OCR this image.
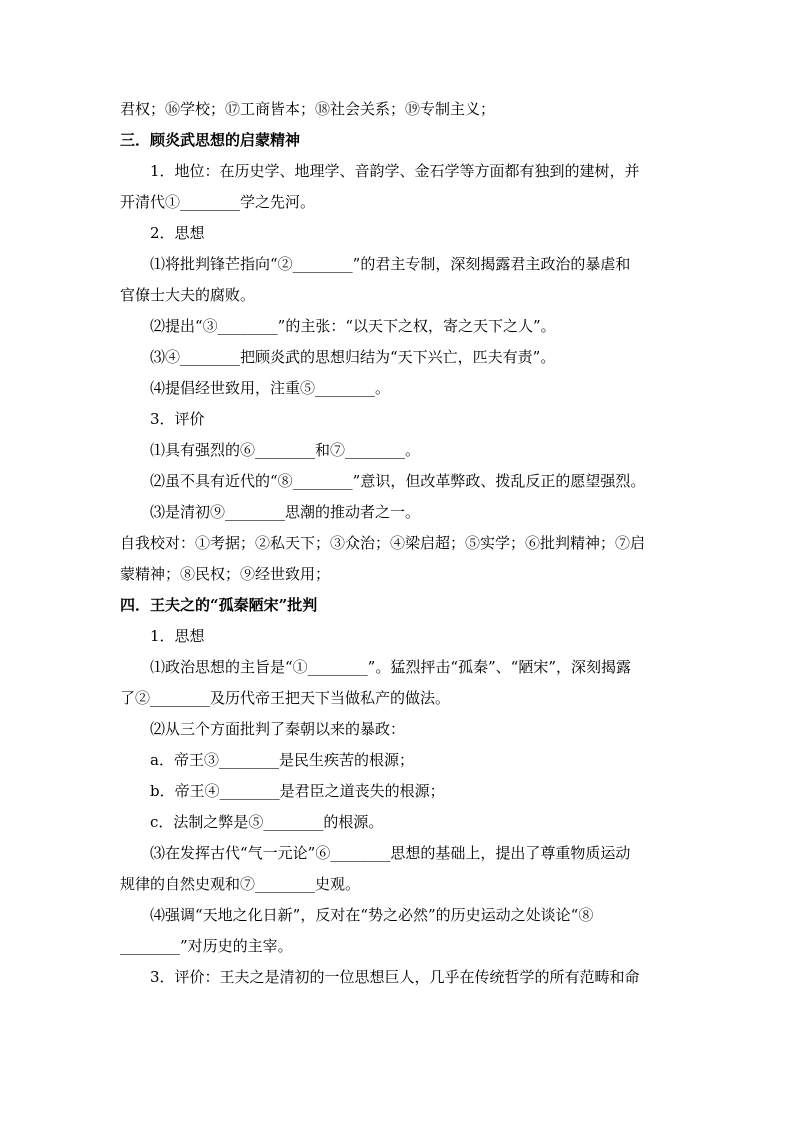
君权；⑯学校；⑰工商皆本；⑱社会关系；⑲专制主义；
三．顾炎武思想的启蒙精神
1．地位：在历史学、地理学、音韵学、金石学等方面都有独到的建树，并
开清代①________学之先河。
2．思想
⑴将批判锋芒指向“②________”的君主专制，深刻揭露君主政治的暴虐和
官僚士大夫的腐败。
⑵提出“③________”的主张：“以天下之权，寄之天下之人”。
⑶④________把顾炎武的思想归结为“天下兴亡，匹夫有责”。
⑷提倡经世致用，注重⑤________。
3．评价
⑴具有强烈的⑥________和⑦________。
⑵虽不具有近代的“⑧________”意识，但改革弊政、拨乱反正的愿望强烈。
⑶是清初⑨________思潮的推动者之一。
自我校对：①考据；②私天下；③众治；④梁启超；⑤实学；⑥批判精神；⑦启
蒙精神；⑧民权；⑨经世致用；
四．王夫之的“孤秦陋宋”批判
1．思想
⑴政治思想的主旨是“①________”。猛烈抨击“孤秦”、“陋宋”，深刻揭露
了②________及历代帝王把天下当做私产的做法。
⑵从三个方面批判了秦朝以来的暴政：
a．帝王③________是民生疾苦的根源；
b．帝王④________是君臣之道丧失的根源；
c．法制之弊是⑤________的根源。
⑶在发挥古代“气一元论”⑥________思想的基础上，提出了尊重物质运动
规律的自然史观和⑦________史观。
⑷强调“天地之化日新”，反对在“势之必然”的历史运动之处谈论“⑧
________”对历史的主宰。
3．评价：王夫之是清初的一位思想巨人，几乎在传统哲学的所有范畴和命
